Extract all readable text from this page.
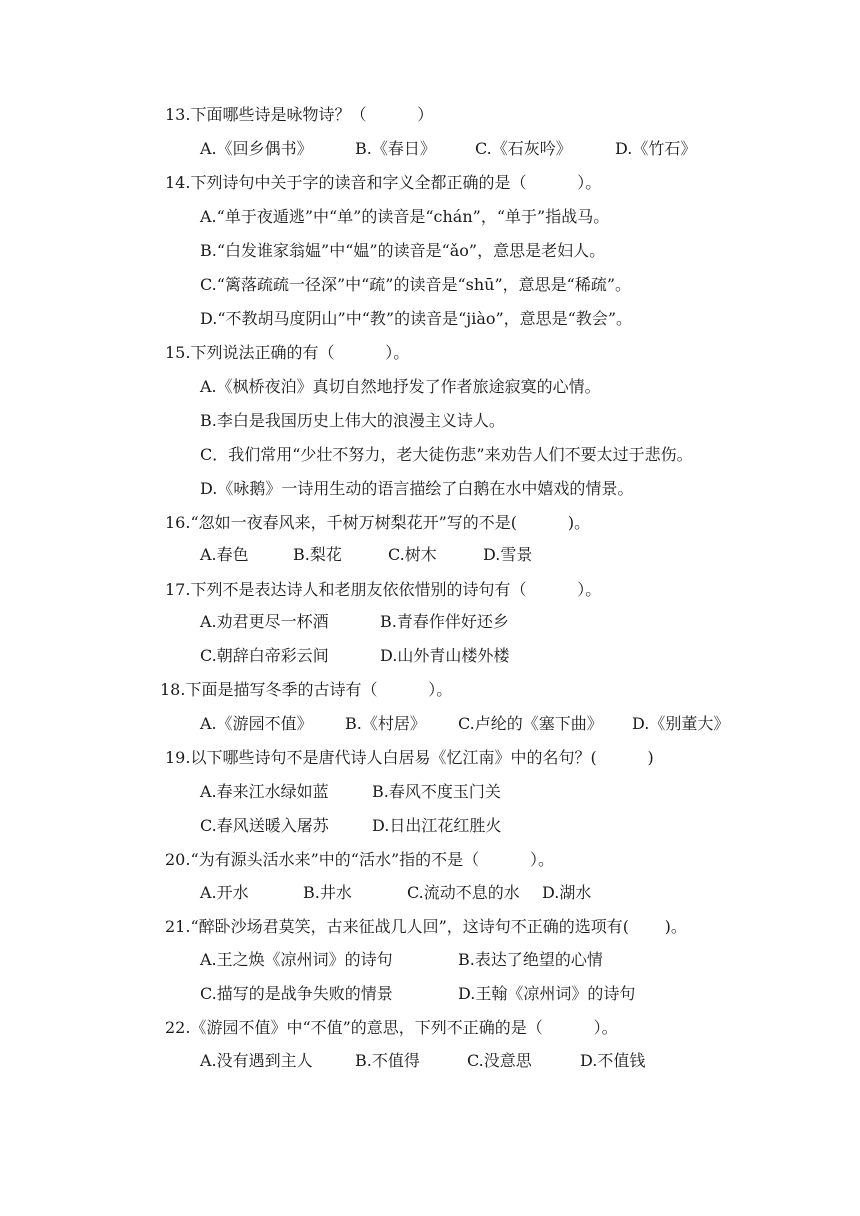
13.下面哪些诗是咏物诗？（          ）
A.《回乡偶书》	B.《春日》 C.《石灰吟》	D.《竹石》
14.下列诗句中关于字的读音和字义全都正确的是（          ）。
A.“单于夜遁逃”中“单”的读音是“chán”，“单于”指战马。
B.“白发谁家翁媪”中“媪”的读音是“ǎo”，意思是老妇人。
C.“篱落疏疏一径深”中“疏”的读音是“shū”，意思是“稀疏”。
D.“不教胡马度阴山”中“教”的读音是“jiào”，意思是“教会”。
15.下列说法正确的有（          ）。
A.《枫桥夜泊》真切自然地抒发了作者旅途寂寞的心情。
B.李白是我国历史上伟大的浪漫主义诗人。
C．我们常用“少壮不努力，老大徒伤悲”来劝告人们不要太过于悲伤。
D.《咏鹅》一诗用生动的语言描绘了白鹅在水中嬉戏的情景。
16.“忽如一夜春风来，千树万树梨花开”写的不是(          )。
A.春色	B.梨花	C.树木	D.雪景
17.下列不是表达诗人和老朋友依依惜别的诗句有（          ）。
A.劝君更尽一杯酒	B.青春作伴好还乡
C.朝辞白帝彩云间	D.山外青山楼外楼
18.下面是描写冬季的古诗有（          ）。
A.《游园不值》 B.《村居》 C.卢纶的《塞下曲》 D.《别董大》
19.以下哪些诗句不是唐代诗人白居易《忆江南》中的名句？(          )
A.春来江水绿如蓝	B.春风不度玉门关
C.春风送暖入屠苏	D.日出江花红胜火
20.“为有源头活水来”中的“活水”指的不是（          ）。
A.开水	B.井水	C.流动不息的水 D.湖水
21.“醉卧沙场君莫笑，古来征战几人回”，这诗句不正确的选项有(       )。
A.王之焕《凉州词》的诗句	B.表达了绝望的心情
C.描写的是战争失败的情景	D.王翰《凉州词》的诗句
22.《游园不值》中“不值”的意思，下列不正确的是（          ）。
A.没有遇到主人	B.不值得	C.没意思	D.不值钱
